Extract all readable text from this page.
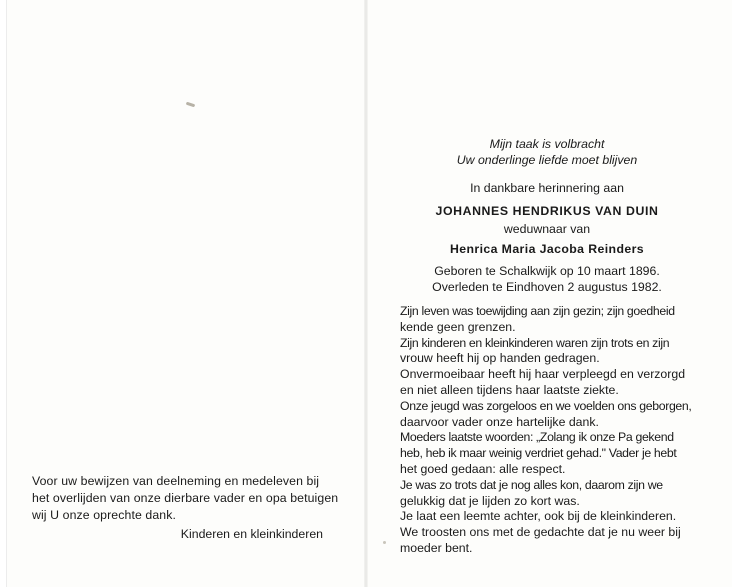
Voor uw bewijzen van deelneming en medeleven bij

het overlijden van onze dierbare vader en opa betuigen

wij U onze oprechte dank.

Kinderen en kleinkinderen

Mijn taak is volbracht

Uw onderlinge liefde moet blijven

In dankbare herinnering aan
JOHANNES HENDRIKUS VAN DUIN
weduwnaar van
Henrica Maria Jacoba Reinders

Geboren te Schalkwijk op 10 maart 1896.

Overleden te Eindhoven 2 augustus 1982.

Zijn leven was toewijding aan zijn gezin; zijn goedheid

kende geen grenzen.

Zijn kinderen en kleinkinderen waren zijn trots en zijn

vrouw heeft hij op handen gedragen.

Onvermoeibaar heeft hij haar verpleegd en verzorgd

en niet alleen tijdens haar laatste ziekte.

Onze jeugd was zorgeloos en we voelden ons geborgen,

daarvoor vader onze hartelijke dank.

Moeders laatste woorden: „Zolang ik onze Pa gekend

heb, heb ik maar weinig verdriet gehad." Vader je hebt

het goed gedaan: alle respect.

Je was zo trots dat je nog alles kon, daarom zijn we

gelukkig dat je lijden zo kort was.

Je laat een leemte achter, ook bij de kleinkinderen.

We troosten ons met de gedachte dat je nu weer bij

moeder bent.
